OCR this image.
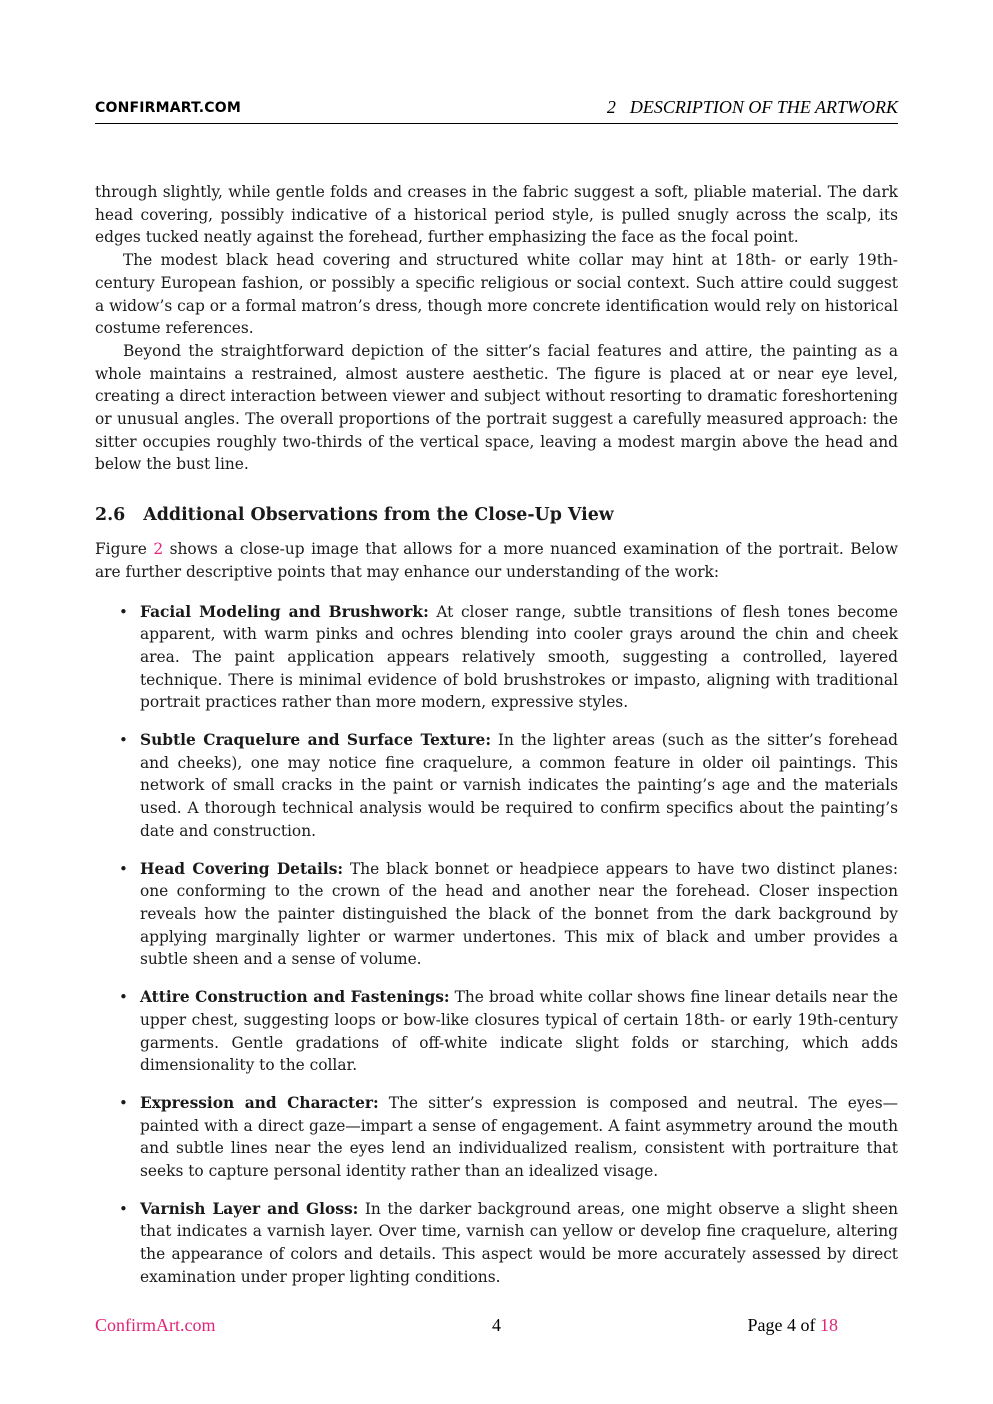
CONFIRMART.COM	2 DESCRIPTION OF THE ARTWORK

through slightly, while gentle folds and creases in the fabric suggest a soft, pliable material. The dark head covering, possibly indicative of a historical period style, is pulled snugly across the scalp, its edges tucked neatly against the forehead, further emphasizing the face as the focal point.

The modest black head covering and structured white collar may hint at 18th- or early 19th-century European fashion, or possibly a specific religious or social context. Such attire could suggest a widow’s cap or a formal matron’s dress, though more concrete identification would rely on historical costume references.

Beyond the straightforward depiction of the sitter’s facial features and attire, the painting as a whole maintains a restrained, almost austere aesthetic. The figure is placed at or near eye level, creating a direct interaction between viewer and subject without resorting to dramatic foreshortening or unusual angles. The overall proportions of the portrait suggest a carefully measured approach: the sitter occupies roughly two-thirds of the vertical space, leaving a modest margin above the head and below the bust line.

2.6 Additional Observations from the Close-Up View

Figure 2 shows a close-up image that allows for a more nuanced examination of the portrait. Below are further descriptive points that may enhance our understanding of the work:

• Facial Modeling and Brushwork: At closer range, subtle transitions of flesh tones become apparent, with warm pinks and ochres blending into cooler grays around the chin and cheek area. The paint application appears relatively smooth, suggesting a controlled, layered technique. There is minimal evidence of bold brushstrokes or impasto, aligning with traditional portrait practices rather than more modern, expressive styles.
• Subtle Craquelure and Surface Texture: In the lighter areas (such as the sitter’s forehead and cheeks), one may notice fine craquelure, a common feature in older oil paintings. This network of small cracks in the paint or varnish indicates the painting’s age and the materials used. A thorough technical analysis would be required to confirm specifics about the painting’s date and construction.
• Head Covering Details: The black bonnet or headpiece appears to have two distinct planes: one conforming to the crown of the head and another near the forehead. Closer inspection reveals how the painter distinguished the black of the bonnet from the dark background by applying marginally lighter or warmer undertones. This mix of black and umber provides a subtle sheen and a sense of volume.
• Attire Construction and Fastenings: The broad white collar shows fine linear details near the upper chest, suggesting loops or bow-like closures typical of certain 18th- or early 19th-century garments. Gentle gradations of off-white indicate slight folds or starching, which adds dimensionality to the collar.
• Expression and Character: The sitter’s expression is composed and neutral. The eyes—painted with a direct gaze—impart a sense of engagement. A faint asymmetry around the mouth and subtle lines near the eyes lend an individualized realism, consistent with portraiture that seeks to capture personal identity rather than an idealized visage.
• Varnish Layer and Gloss: In the darker background areas, one might observe a slight sheen that indicates a varnish layer. Over time, varnish can yellow or develop fine craquelure, altering the appearance of colors and details. This aspect would be more accurately assessed by direct examination under proper lighting conditions.
ConfirmArt.com	4	Page 4 of 18
